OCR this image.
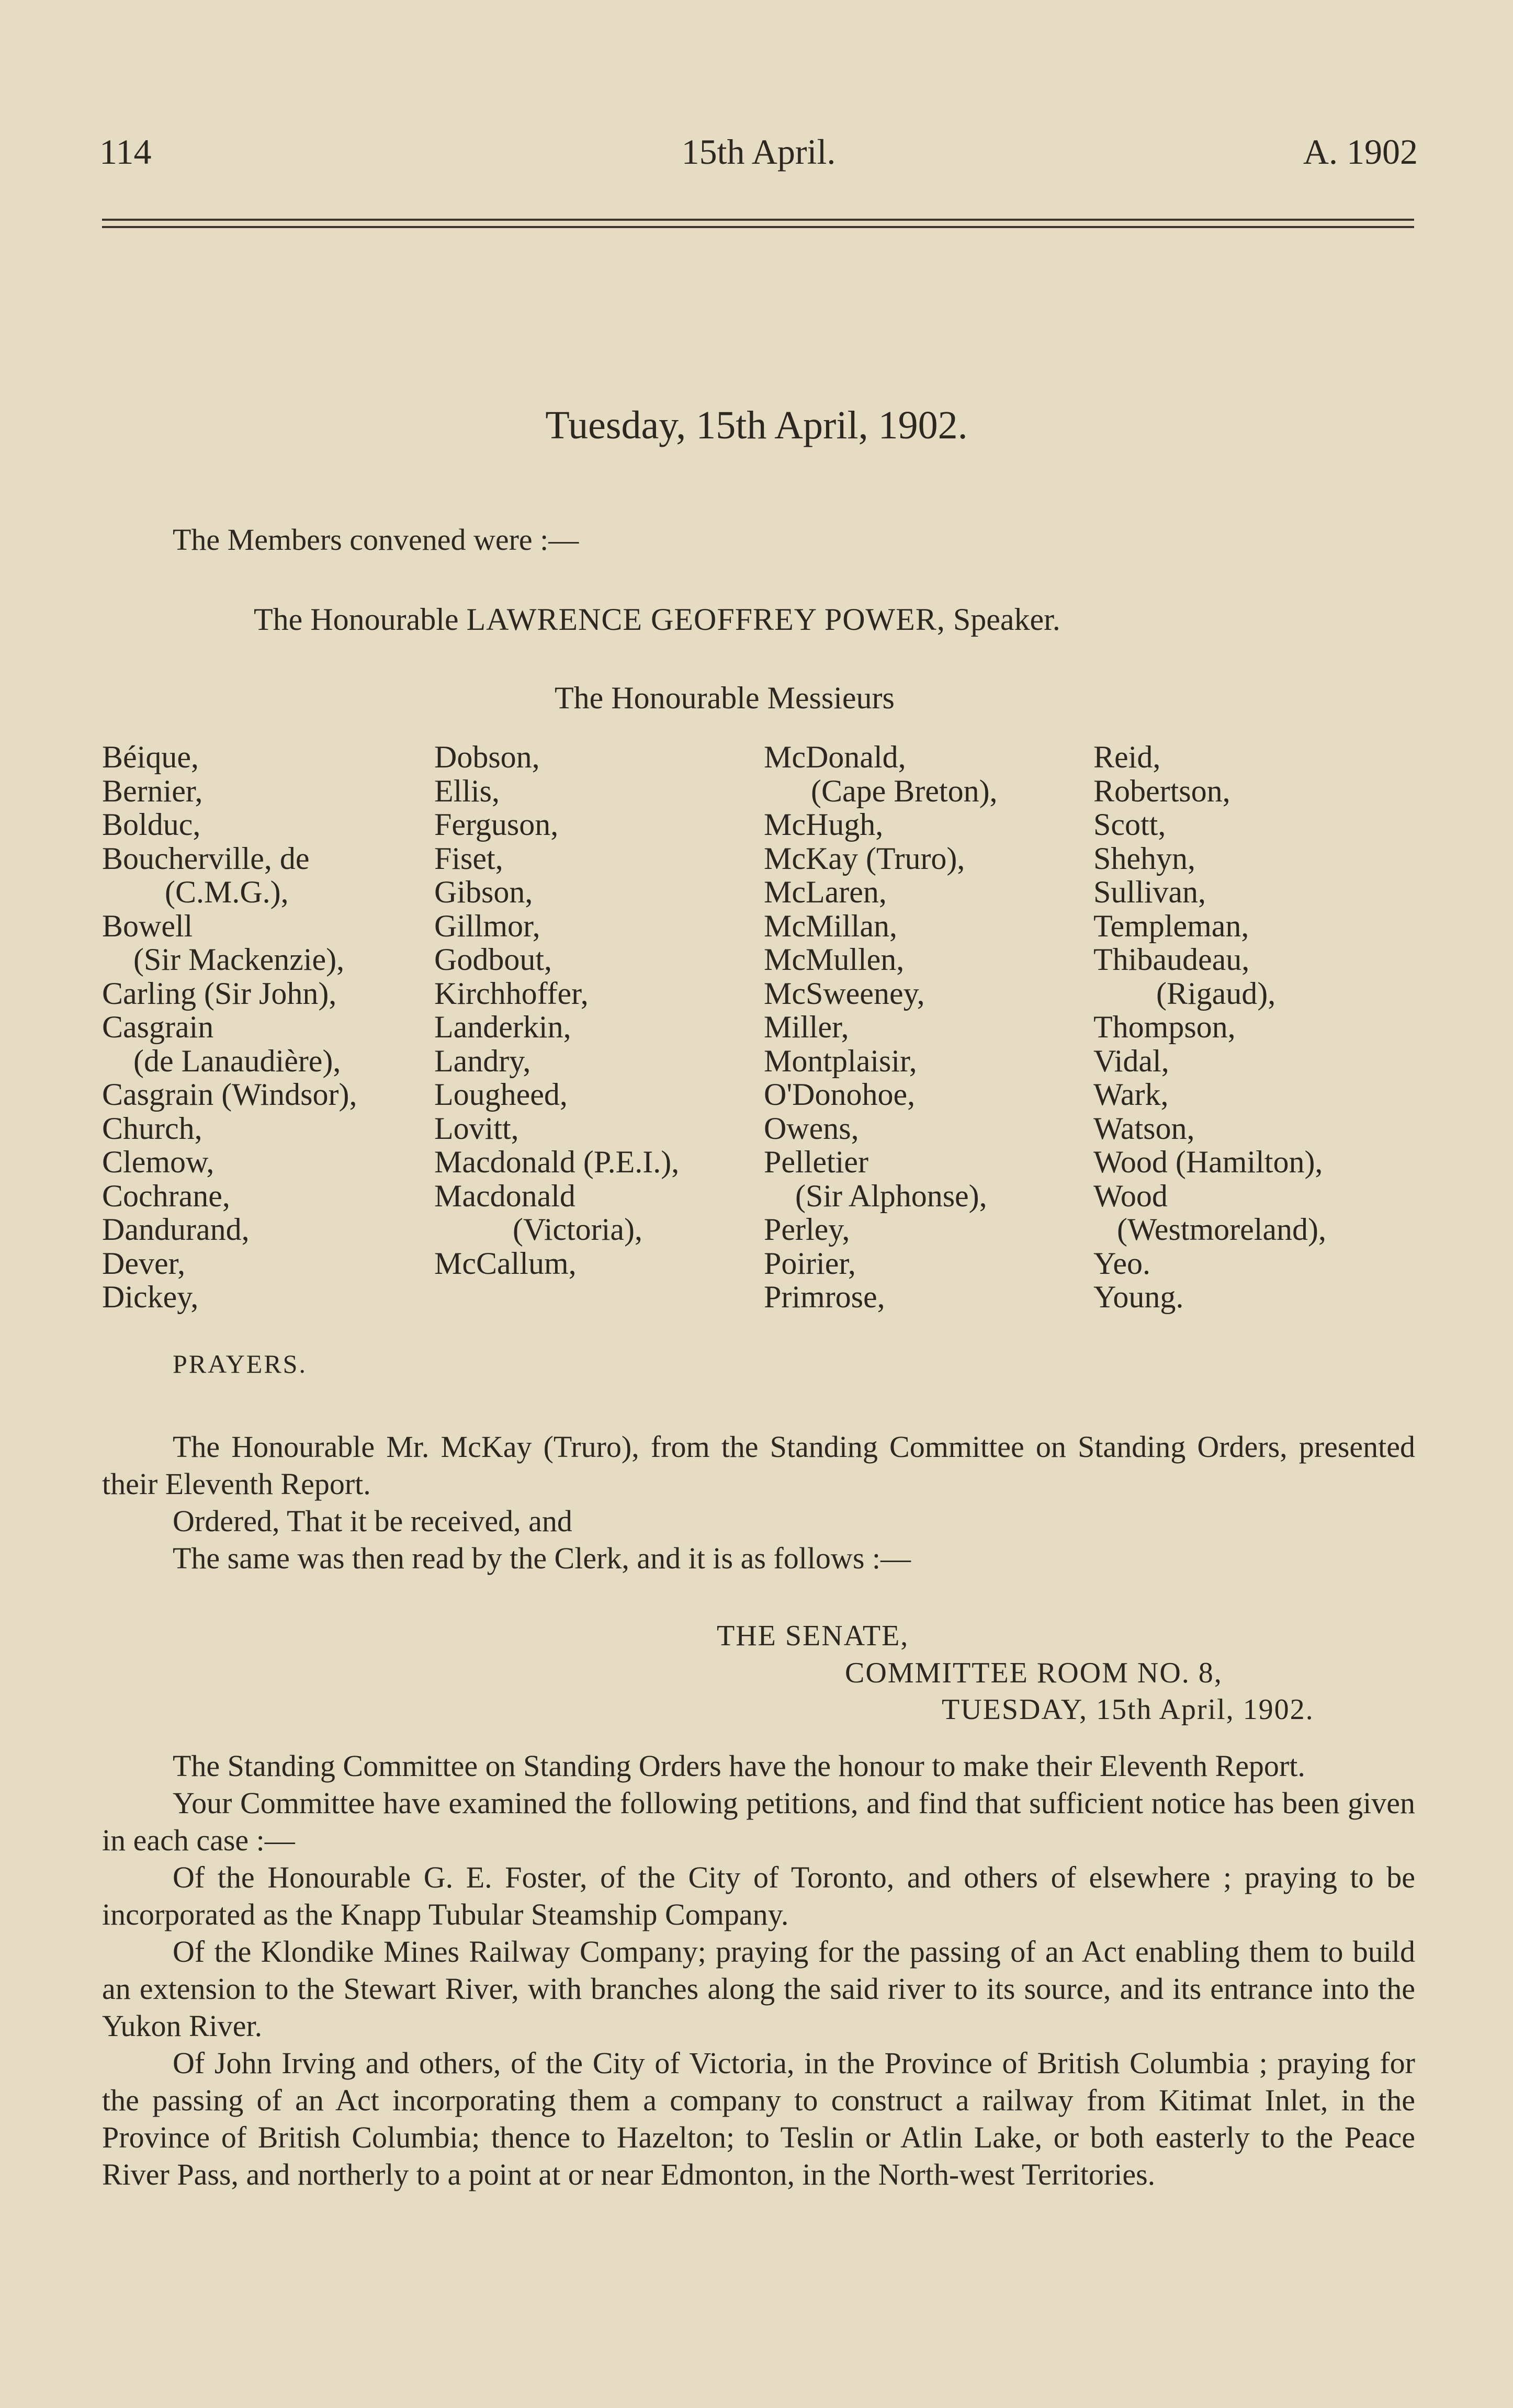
114	15th April.	A. 1902
Tuesday, 15th April, 1902.
The Members convened were :—
The Honourable LAWRENCE GEOFFREY POWER, Speaker.
The Honourable Messieurs
Béique,
Bernier,
Bolduc,
Boucherville, de
(C.M.G.),
Bowell
(Sir Mackenzie),
Carling (Sir John),
Casgrain
(de Lanaudière),
Casgrain (Windsor),
Church,
Clemow,
Cochrane,
Dandurand,
Dever,
Dickey,
Dobson,
Ellis,
Ferguson,
Fiset,
Gibson,
Gillmor,
Godbout,
Kirchhoffer,
Landerkin,
Landry,
Lougheed,
Lovitt,
Macdonald (P.E.I.),
Macdonald
(Victoria),
McCallum,
McDonald,
(Cape Breton),
McHugh,
McKay (Truro),
McLaren,
McMillan,
McMullen,
McSweeney,
Miller,
Montplaisir,
O'Donohoe,
Owens,
Pelletier
(Sir Alphonse),
Perley,
Poirier,
Primrose,
Reid,
Robertson,
Scott,
Shehyn,
Sullivan,
Templeman,
Thibaudeau,
(Rigaud),
Thompson,
Vidal,
Wark,
Watson,
Wood (Hamilton),
Wood
(Westmoreland),
Yeo.
Young.
PRAYERS.

The Honourable Mr. McKay (Truro), from the Standing Committee on Standing Orders, presented their Eleventh Report.

Ordered, That it be received, and

The same was then read by the Clerk, and it is as follows :—

THE SENATE,
COMMITTEE ROOM NO. 8,
TUESDAY, 15th April, 1902.

The Standing Committee on Standing Orders have the honour to make their Eleventh Report.

Your Committee have examined the following petitions, and find that sufficient notice has been given in each case :—

Of the Honourable G. E. Foster, of the City of Toronto, and others of elsewhere ; praying to be incorporated as the Knapp Tubular Steamship Company.

Of the Klondike Mines Railway Company; praying for the passing of an Act enabling them to build an extension to the Stewart River, with branches along the said river to its source, and its entrance into the Yukon River.

Of John Irving and others, of the City of Victoria, in the Province of British Columbia ; praying for the passing of an Act incorporating them a company to construct a railway from Kitimat Inlet, in the Province of British Columbia; thence to Hazelton; to Teslin or Atlin Lake, or both easterly to the Peace River Pass, and northerly to a point at or near Edmonton, in the North-west Territories.
